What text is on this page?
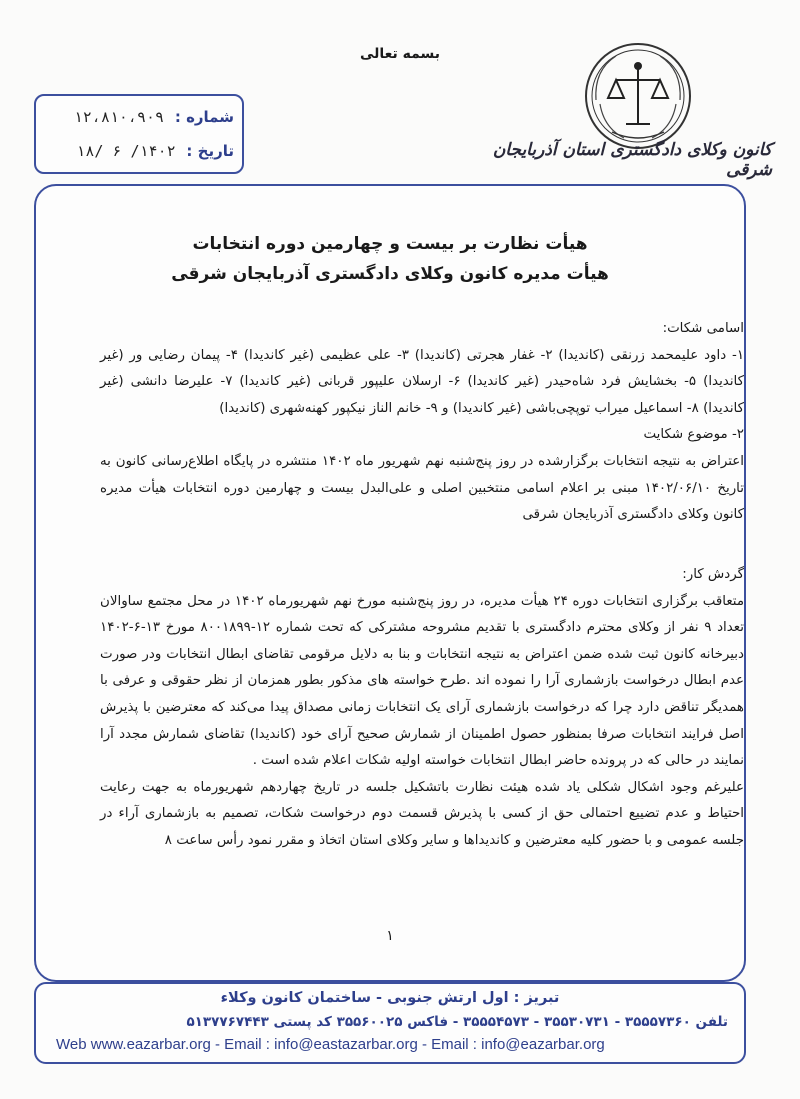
بسمه تعالی
کانون وکلای دادگستری استان آذربایجان شرقی
شماره : ۱۲،۸۱۰،۹۰۹
تاریخ : ۱۴۰۲/ ۶ /۱۸
هیأت نظارت بر بیست و چهارمین دوره انتخابات
هیأت مدیره کانون وکلای دادگستری آذربایجان شرقی
اسامی شکات:
۱- داود علیمحمد زرنقی (کاندیدا) ۲- غفار هجرتی (کاندیدا) ۳- علی عظیمی (غیر کاندیدا) ۴- پیمان رضایی ور (غیر کاندیدا) ۵- بخشایش فرد شاه‌حیدر (غیر کاندیدا) ۶- ارسلان علیپور قربانی (غیر کاندیدا) ۷- علیرضا دانشی (غیر کاندیدا) ۸- اسماعیل میراب توپچی‌باشی (غیر کاندیدا) و ۹- خانم الناز نیکپور کهنه‌شهری (کاندیدا)
۲- موضوع شکایت
اعتراض به نتیجه انتخابات برگزارشده در روز پنج‌شنبه نهم شهریور ماه ۱۴۰۲ منتشره در پایگاه اطلاع‌رسانی کانون به تاریخ ۱۴۰۲/۰۶/۱۰ مبنی بر اعلام اسامی منتخبین اصلی و علی‌البدل بیست و چهارمین دوره انتخابات هیأت مدیره کانون وکلای دادگستری آذربایجان شرقی
گردش کار:
متعاقب برگزاری انتخابات دوره ۲۴ هیأت مدیره، در روز پنج‌شنبه مورخ نهم شهریورماه ۱۴۰۲ در محل مجتمع ساوالان تعداد ۹ نفر از وکلای محترم دادگستری با تقدیم مشروحه مشترکی که تحت شماره ۱۲-۸۰۰۱۸۹۹ مورخ ۱۳-۶-۱۴۰۲ دبیرخانه کانون ثبت شده ضمن اعتراض به نتیجه انتخابات و بنا به دلایل مرقومی تقاضای ابطال انتخابات ودر صورت عدم ابطال درخواست بازشماری آرا را نموده اند .طرح خواسته های مذکور بطور همزمان از نظر حقوقی و عرفی با همدیگر تناقض دارد چرا که درخواست بازشماری آرای یک انتخابات زمانی مصداق پیدا می‌کند که معترضین با پذیرش اصل فرایند انتخابات صرفا بمنظور حصول اطمینان از شمارش صحیح آرای خود (کاندیدا) تقاضای شمارش مجدد آرا نمایند در حالی که در پرونده حاضر ابطال انتخابات خواسته اولیه شکات اعلام شده است .
علیرغم وجود اشکال شکلی یاد شده هیئت نظارت باتشکیل جلسه در تاریخ چهاردهم شهریورماه به جهت رعایت احتیاط و عدم تضییع احتمالی حق از کسی با پذیرش قسمت دوم درخواست شکات، تصمیم به بازشماری آراء در جلسه عمومی و با حضور کلیه معترضین و کاندیداها و سایر وکلای استان اتخاذ و مقرر نمود رأس ساعت ۸
۱
تبریز : اول ارتش جنوبی - ساختمان کانون وکلاء
تلفن ۳۵۵۵۷۳۶۰ - ۳۵۵۳۰۷۳۱ - ۳۵۵۵۴۵۷۳ - فاکس ۳۵۵۶۰۰۲۵ کد پستی ۵۱۳۷۷۶۷۴۴۳
Web www.eazarbar.org - Email : info@eastazarbar.org - Email : info@eazarbar.org
